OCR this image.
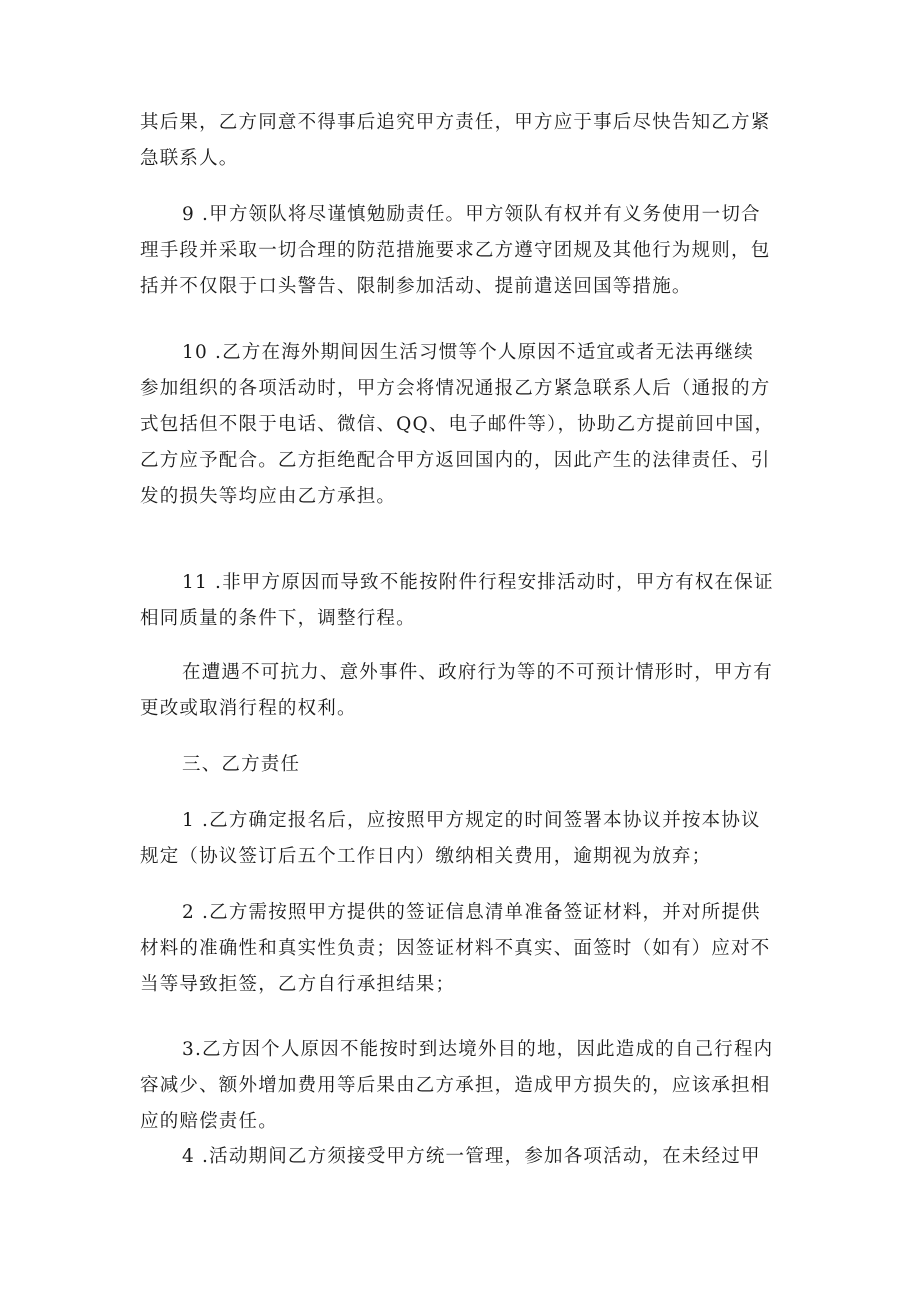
其后果，乙方同意不得事后追究甲方责任，甲方应于事后尽快告知乙方紧
急联系人。
9 .甲方领队将尽谨慎勉励责任。甲方领队有权并有义务使用一切合
理手段并采取一切合理的防范措施要求乙方遵守团规及其他行为规则，包
括并不仅限于口头警告、限制参加活动、提前遣送回国等措施。
10 .乙方在海外期间因生活习惯等个人原因不适宜或者无法再继续
参加组织的各项活动时，甲方会将情况通报乙方紧急联系人后（通报的方
式包括但不限于电话、微信、QQ、电子邮件等），协助乙方提前回中国，
乙方应予配合。乙方拒绝配合甲方返回国内的，因此产生的法律责任、引
发的损失等均应由乙方承担。
11 .非甲方原因而导致不能按附件行程安排活动时，甲方有权在保证
相同质量的条件下，调整行程。
在遭遇不可抗力、意外事件、政府行为等的不可预计情形时，甲方有
更改或取消行程的权利。
三、乙方责任
1 .乙方确定报名后，应按照甲方规定的时间签署本协议并按本协议
规定（协议签订后五个工作日内）缴纳相关费用，逾期视为放弃；
2 .乙方需按照甲方提供的签证信息清单准备签证材料，并对所提供
材料的准确性和真实性负责；因签证材料不真实、面签时（如有）应对不
当等导致拒签，乙方自行承担结果；
3.乙方因个人原因不能按时到达境外目的地，因此造成的自己行程内
容减少、额外增加费用等后果由乙方承担，造成甲方损失的，应该承担相
应的赔偿责任。
4 .活动期间乙方须接受甲方统一管理，参加各项活动，在未经过甲
